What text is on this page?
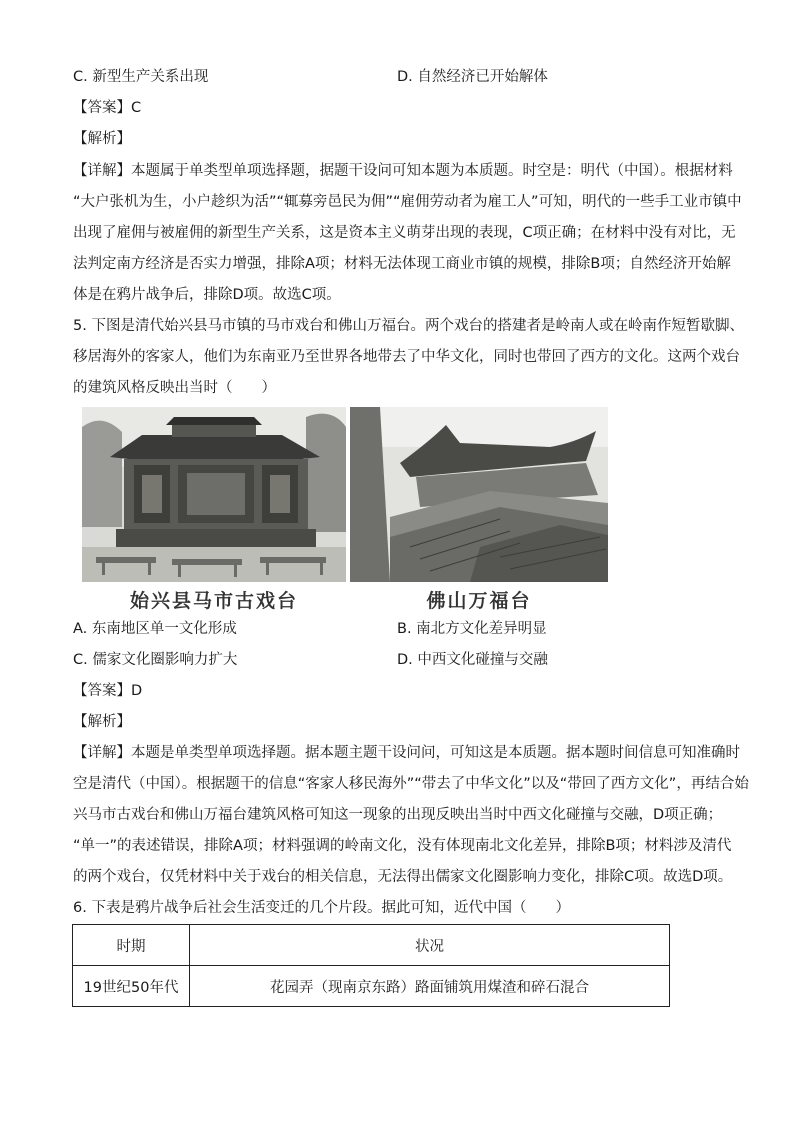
C. 新型生产关系出现	D. 自然经济已开始解体
【答案】C
【解析】
【详解】本题属于单类型单项选择题，据题干设问可知本题为本质题。时空是：明代（中国）。根据材料
“大户张机为生，小户趁织为活”“辄募旁邑民为佣”“雇佣劳动者为雇工人”可知，明代的一些手工业市镇中
出现了雇佣与被雇佣的新型生产关系，这是资本主义萌芽出现的表现，C项正确；在材料中没有对比，无
法判定南方经济是否实力增强，排除A项；材料无法体现工商业市镇的规模，排除B项；自然经济开始解
体是在鸦片战争后，排除D项。故选C项。
5. 下图是清代始兴县马市镇的马市戏台和佛山万福台。两个戏台的搭建者是岭南人或在岭南作短暂歇脚、
移居海外的客家人，他们为东南亚乃至世界各地带去了中华文化，同时也带回了西方的文化。这两个戏台
的建筑风格反映出当时（　　）
始兴县马市古戏台	佛山万福台
A. 东南地区单一文化形成	B. 南北方文化差异明显
C. 儒家文化圈影响力扩大	D. 中西文化碰撞与交融
【答案】D
【解析】
【详解】本题是单类型单项选择题。据本题主题干设问问，可知这是本质题。据本题时间信息可知准确时
空是清代（中国）。根据题干的信息“客家人移民海外”“带去了中华文化”以及“带回了西方文化”，再结合始
兴马市古戏台和佛山万福台建筑风格可知这一现象的出现反映出当时中西文化碰撞与交融，D项正确；
“单一”的表述错误，排除A项；材料强调的岭南文化，没有体现南北文化差异，排除B项；材料涉及清代
的两个戏台，仅凭材料中关于戏台的相关信息，无法得出儒家文化圈影响力变化，排除C项。故选D项。
6. 下表是鸦片战争后社会生活变迁的几个片段。据此可知，近代中国（　　）
时期	状况
19世纪50年代	花园弄（现南京东路）路面铺筑用煤渣和碎石混合
